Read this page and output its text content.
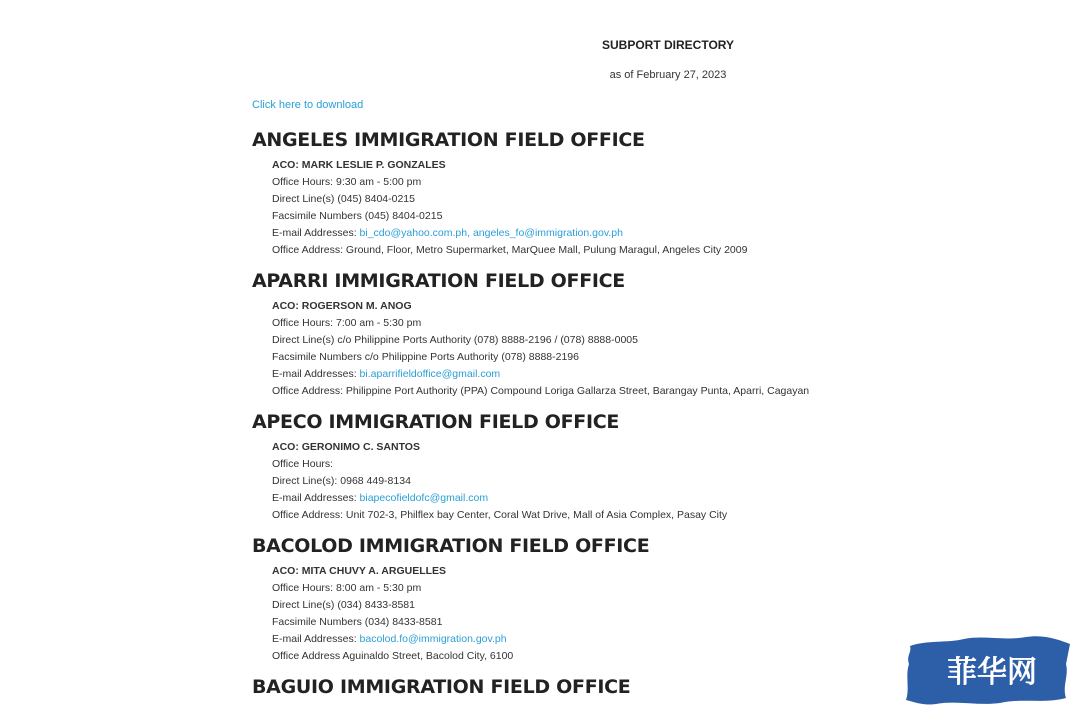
SUBPORT DIRECTORY
as of February 27, 2023
Click here to download
ANGELES IMMIGRATION FIELD OFFICE
ACO: MARK LESLIE P. GONZALES
Office Hours: 9:30 am - 5:00 pm
Direct Line(s) (045) 8404-0215
Facsimile Numbers (045) 8404-0215
E-mail Addresses: bi_cdo@yahoo.com.ph, angeles_fo@immigration.gov.ph
Office Address: Ground, Floor, Metro Supermarket, MarQuee Mall, Pulung Maragul, Angeles City 2009
APARRI IMMIGRATION FIELD OFFICE
ACO: ROGERSON M. ANOG
Office Hours: 7:00 am - 5:30 pm
Direct Line(s) c/o Philippine Ports Authority (078) 8888-2196 / (078) 8888-0005
Facsimile Numbers c/o Philippine Ports Authority (078) 8888-2196
E-mail Addresses: bi.aparrifieldoffice@gmail.com
Office Address: Philippine Port Authority (PPA) Compound Loriga Gallarza Street, Barangay Punta, Aparri, Cagayan
APECO IMMIGRATION FIELD OFFICE
ACO: GERONIMO C. SANTOS
Office Hours:
Direct Line(s): 0968 449-8134
E-mail Addresses: biapecofieldofc@gmail.com
Office Address: Unit 702-3, Philflex bay Center, Coral Wat Drive, Mall of Asia Complex, Pasay City
BACOLOD IMMIGRATION FIELD OFFICE
ACO: MITA CHUVY A. ARGUELLES
Office Hours: 8:00 am - 5:30 pm
Direct Line(s) (034) 8433-8581
Facsimile Numbers (034) 8433-8581
E-mail Addresses: bacolod.fo@immigration.gov.ph
Office Address Aguinaldo Street, Bacolod City, 6100
BAGUIO IMMIGRATION FIELD OFFICE	菲华网
